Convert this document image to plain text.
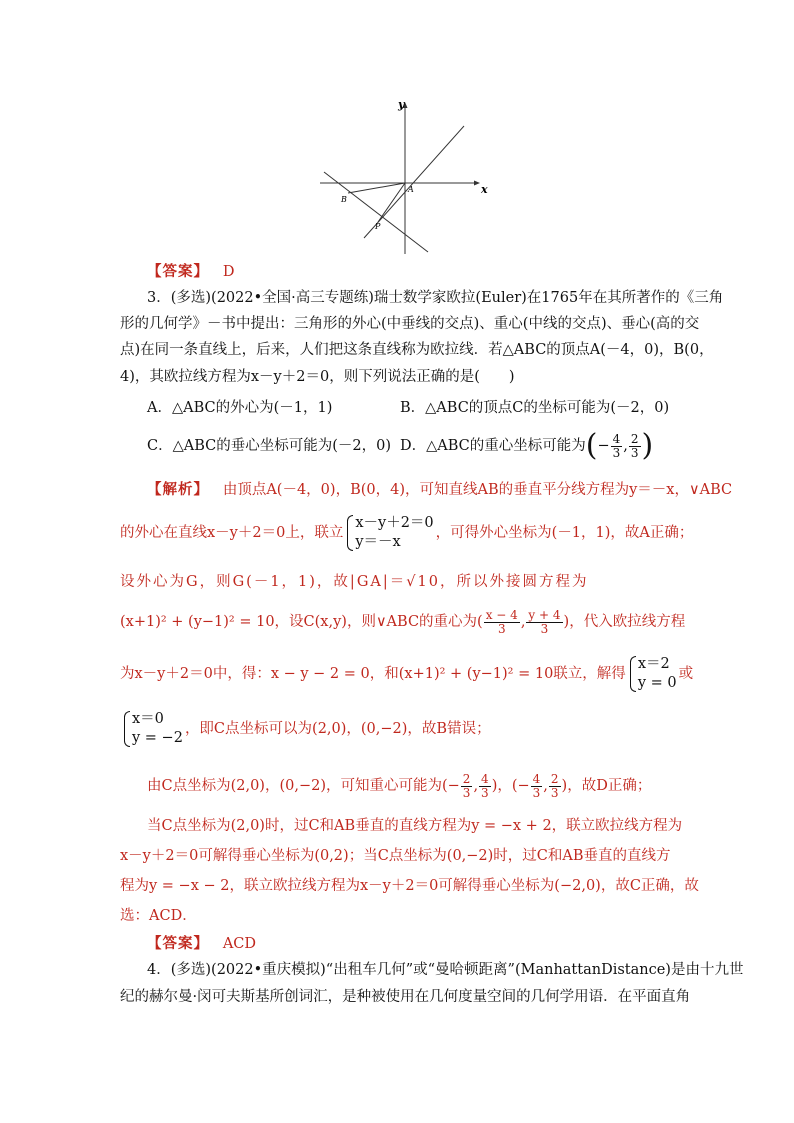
y
x
A
B
P
【答案】 D
3．(多选)(2022•全国·高三专题练)瑞士数学家欧拉(Euler)在1765年在其所著作的《三角
形的几何学》－书中提出：三角形的外心(中垂线的交点)、重心(中线的交点)、垂心(高的交
点)在同一条直线上，后来，人们把这条直线称为欧拉线．若△ABC的顶点A(－4，0)，B(0，
4)，其欧拉线方程为x－y＋2＝0，则下列说法正确的是(　　)
A．△ABC的外心为(－1，1)	B．△ABC的顶点C的坐标可能为(－2，0)
C．△ABC的垂心坐标可能为(－2，0) D．△ABC的重心坐标可能为(− $\frac{4}{3}$ , $\frac{2}{3}$ )
【解析】 由顶点A(－4，0)，B(0，4)，可知直线AB的垂直平分线方程为y＝－x，∨ABC
的外心在直线x－y＋2＝0上，联立
x－y＋2＝0
y＝－x
，可得外心坐标为(－1，1)，故A正确；
设外心为G，则G(－1，1)，故|GA|＝√10，所以外接圆方程为
(x+1)² + (y−1)² = 10，设C(x,y)，则∨ABC的重心为( $\frac{x - 4}{3}$ , $\frac{y + 4}{3}$ )，代入欧拉线方程
为x－y＋2＝0中，得：x − y − 2 = 0，和(x+1)² + (y−1)² = 10联立，解得
x＝2
y = 0
或
x＝0
y = −2
，即C点坐标可以为(2,0)，(0,−2)，故B错误；
由C点坐标为(2,0)，(0,−2)，可知重心可能为(− $\frac{2}{3}$ , $\frac{4}{3}$ )，(− $\frac{4}{3}$ , $\frac{2}{3}$ )，故D正确；
当C点坐标为(2,0)时，过C和AB垂直的直线方程为y = −x + 2，联立欧拉线方程为
x－y＋2＝0可解得垂心坐标为(0,2)；当C点坐标为(0,−2)时，过C和AB垂直的直线方
程为y = −x − 2，联立欧拉线方程为x－y＋2＝0可解得垂心坐标为(−2,0)，故C正确，故
选：ACD．
【答案】 ACD
4．(多选)(2022•重庆模拟)“出租车几何”或“曼哈顿距离”(ManhattanDistance)是由十九世
纪的赫尔曼·闵可夫斯基所创词汇，是种被使用在几何度量空间的几何学用语．在平面直角
